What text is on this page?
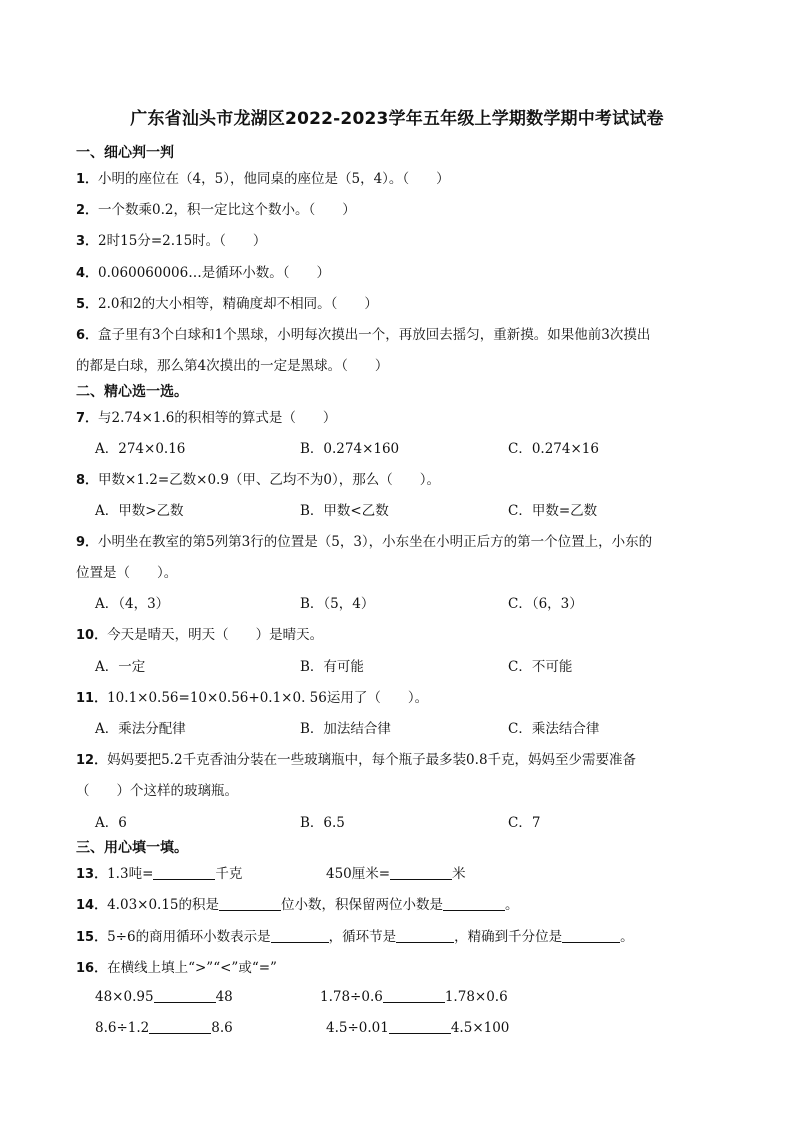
广东省汕头市龙湖区2022-2023学年五年级上学期数学期中考试试卷
一、细心判一判
1．小明的座位在（4，5），他同桌的座位是（5，4）。（　　）
2．一个数乘0.2，积一定比这个数小。（　　）
3．2时15分=2.15时。（　　）
4．0.060060006…是循环小数。（　　）
5．2.0和2的大小相等，精确度却不相同。（　　）
6．盒子里有3个白球和1个黑球，小明每次摸出一个，再放回去摇匀，重新摸。如果他前3次摸出
的都是白球，那么第4次摸出的一定是黑球。（　　）
二、精心选一选。
7．与2.74×1.6的积相等的算式是（　　）
A．274×0.16	B．0.274×160	C．0.274×16
8．甲数×1.2=乙数×0.9（甲、乙均不为0），那么（　　）。
A．甲数>乙数	B．甲数<乙数	C．甲数=乙数
9．小明坐在教室的第5列第3行的位置是（5，3），小东坐在小明正后方的第一个位置上，小东的
位置是（　　）。
A．（4，3）	B．（5，4）	C．（6，3）
10．今天是晴天，明天（　　）是晴天。
A．一定	B．有可能	C．不可能
11．10.1×0.56=10×0.56+0.1×0. 56运用了（　　）。
A．乘法分配律	B．加法结合律	C．乘法结合律
12．妈妈要把5.2千克香油分装在一些玻璃瓶中，每个瓶子最多装0.8千克，妈妈至少需要准备
（　　）个这样的玻璃瓶。
A．6	B．6.5	C．7
三、用心填一填。
13．1.3吨=	千克	450厘米=	米
14．4.03×0.15的积是	位小数，积保留两位小数是	。
15．5÷6的商用循环小数表示是	，循环节是	，精确到千分位是	。
16．在横线上填上“>”“<”或“=”
48×0.95	48	1.78÷0.6	1.78×0.6
8.6÷1.2	8.6	4.5÷0.01	4.5×100
